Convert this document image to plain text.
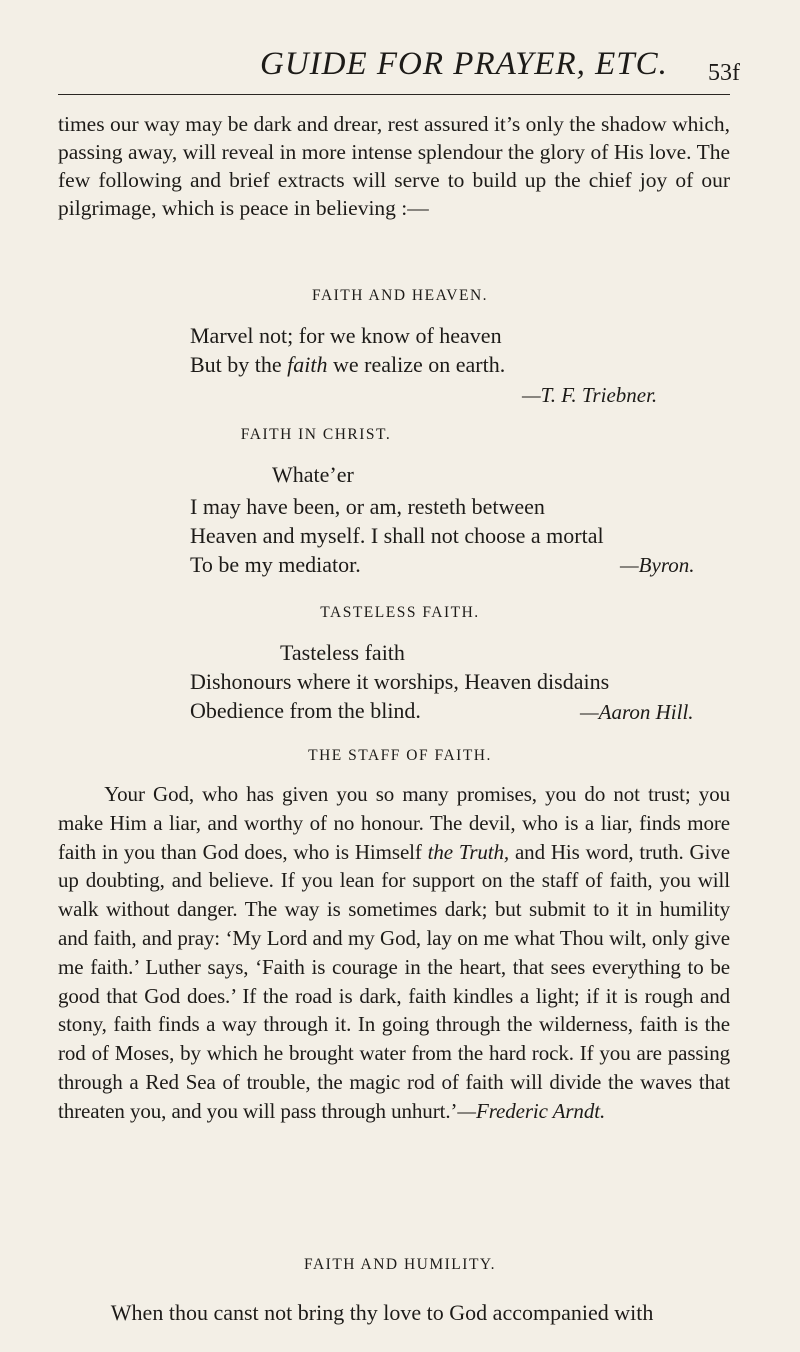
GUIDE FOR PRAYER, ETC. 53f

times our way may be dark and drear, rest assured it’s only the shadow which, passing away, will reveal in more intense splendour the glory of His love. The few following and brief extracts will serve to build up the chief joy of our pilgrimage, which is peace in believing :—

FAITH AND HEAVEN.

Marvel not; for we know of heaven

But by the faith we realize on earth.

—T. F. Triebner.

FAITH IN CHRIST.

Whate’er

I may have been, or am, resteth between

Heaven and myself. I shall not choose a mortal

To be my mediator.	—Byron.

TASTELESS FAITH.

Tasteless faith

Dishonours where it worships, Heaven disdains

Obedience from the blind.	—Aaron Hill.

THE STAFF OF FAITH.

Your God, who has given you so many promises, you do not trust; you make Him a liar, and worthy of no honour. The devil, who is a liar, finds more faith in you than God does, who is Himself the Truth, and His word, truth. Give up doubting, and believe. If you lean for support on the staff of faith, you will walk without danger. The way is sometimes dark; but submit to it in humility and faith, and pray: ‘My Lord and my God, lay on me what Thou wilt, only give me faith.’ Luther says, ‘Faith is courage in the heart, that sees everything to be good that God does.’ If the road is dark, faith kindles a light; if it is rough and stony, faith finds a way through it. In going through the wilderness, faith is the rod of Moses, by which he brought water from the hard rock. If you are passing through a Red Sea of trouble, the magic rod of faith will divide the waves that threaten you, and you will pass through unhurt.’—Frederic Arndt.

FAITH AND HUMILITY.

When thou canst not bring thy love to God accompanied with
